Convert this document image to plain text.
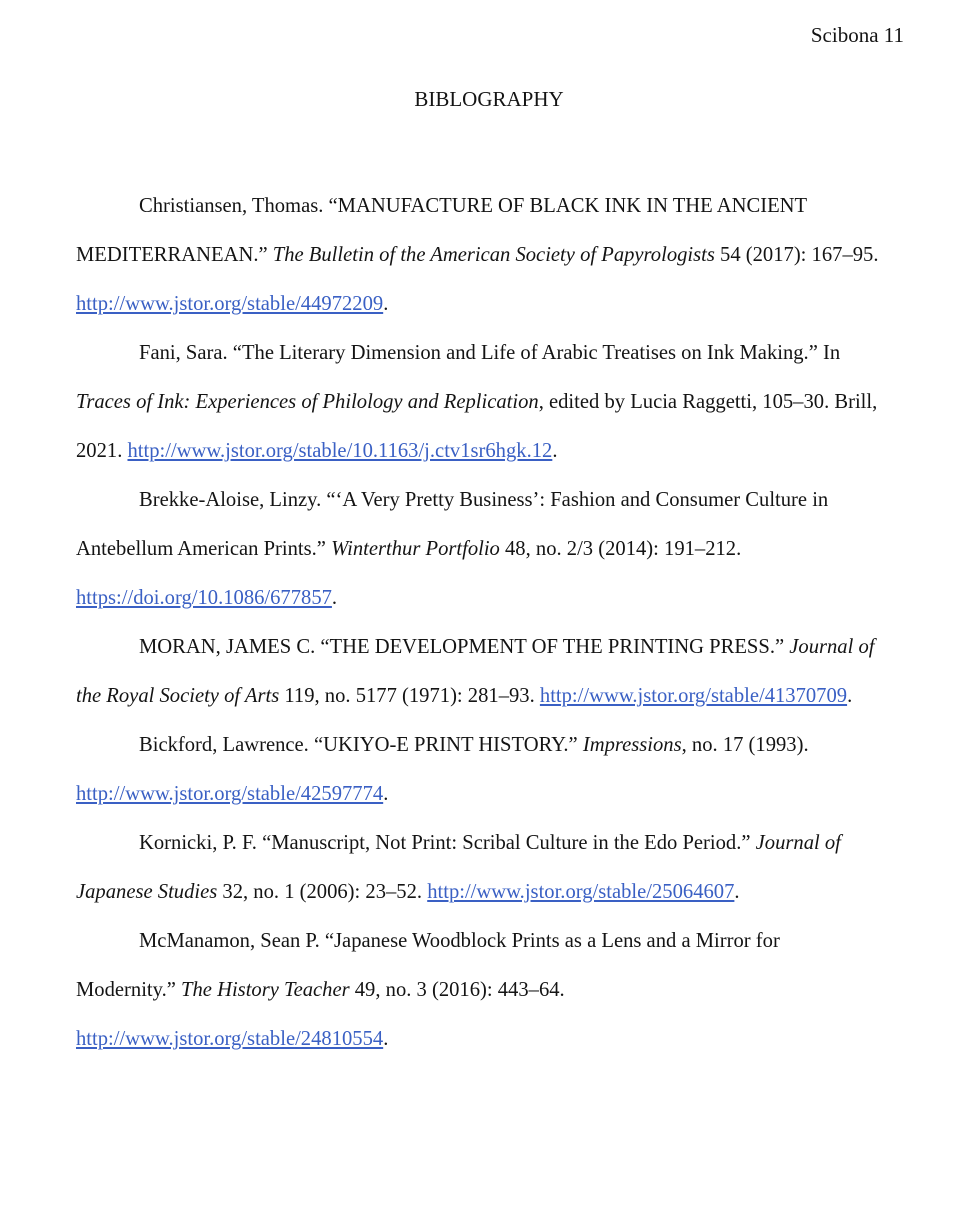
Scibona 11
BIBLOGRAPHY

Christiansen, Thomas. “MANUFACTURE OF BLACK INK IN THE ANCIENT
MEDITERRANEAN.” The Bulletin of the American Society of Papyrologists 54 (2017): 167–95.
http://www.jstor.org/stable/44972209.

Fani, Sara. “The Literary Dimension and Life of Arabic Treatises on Ink Making.” In
Traces of Ink: Experiences of Philology and Replication, edited by Lucia Raggetti, 105–30. Brill,
2021. http://www.jstor.org/stable/10.1163/j.ctv1sr6hgk.12.

Brekke-Aloise, Linzy. “‘A Very Pretty Business’: Fashion and Consumer Culture in
Antebellum American Prints.” Winterthur Portfolio 48, no. 2/3 (2014): 191–212.
https://doi.org/10.1086/677857.

MORAN, JAMES C. “THE DEVELOPMENT OF THE PRINTING PRESS.” Journal of
the Royal Society of Arts 119, no. 5177 (1971): 281–93. http://www.jstor.org/stable/41370709.

Bickford, Lawrence. “UKIYO-E PRINT HISTORY.” Impressions, no. 17 (1993).
http://www.jstor.org/stable/42597774.

Kornicki, P. F. “Manuscript, Not Print: Scribal Culture in the Edo Period.” Journal of
Japanese Studies 32, no. 1 (2006): 23–52. http://www.jstor.org/stable/25064607.

McManamon, Sean P. “Japanese Woodblock Prints as a Lens and a Mirror for
Modernity.” The History Teacher 49, no. 3 (2016): 443–64.
http://www.jstor.org/stable/24810554.
